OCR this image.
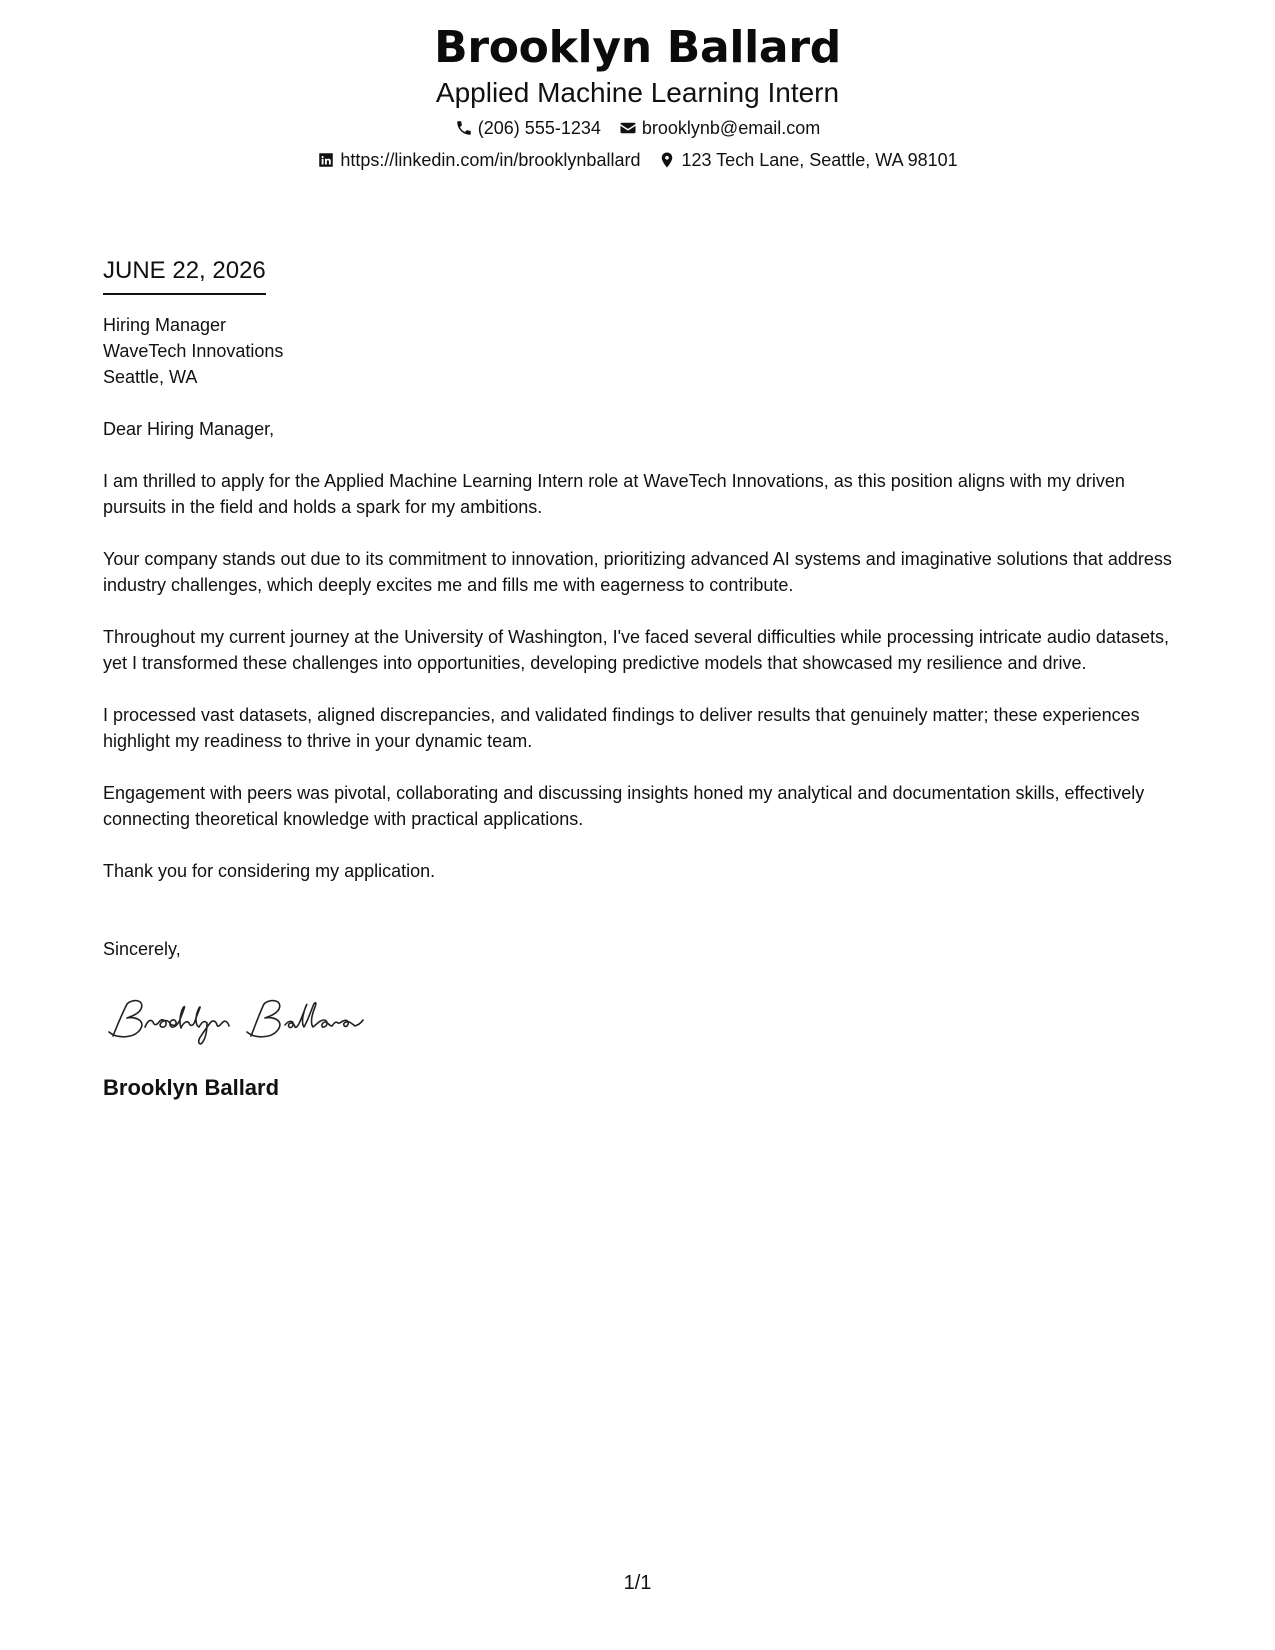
Brooklyn Ballard
Applied Machine Learning Intern
(206) 555-1234 brooklynb@email.com
https://linkedin.com/in/brooklynballard 123 Tech Lane, Seattle, WA 98101
JUNE 22, 2026
Hiring Manager
WaveTech Innovations
Seattle, WA
Dear Hiring Manager,
I am thrilled to apply for the Applied Machine Learning Intern role at WaveTech Innovations, as this position aligns with my driven pursuits in the field and holds a spark for my ambitions.
Your company stands out due to its commitment to innovation, prioritizing advanced AI systems and imaginative solutions that address industry challenges, which deeply excites me and fills me with eagerness to contribute.
Throughout my current journey at the University of Washington, I've faced several difficulties while processing intricate audio datasets, yet I transformed these challenges into opportunities, developing predictive models that showcased my resilience and drive.
I processed vast datasets, aligned discrepancies, and validated findings to deliver results that genuinely matter; these experiences highlight my readiness to thrive in your dynamic team.
Engagement with peers was pivotal, collaborating and discussing insights honed my analytical and documentation skills, effectively connecting theoretical knowledge with practical applications.
Thank you for considering my application.
Sincerely,
Brooklyn Ballard
1/1
